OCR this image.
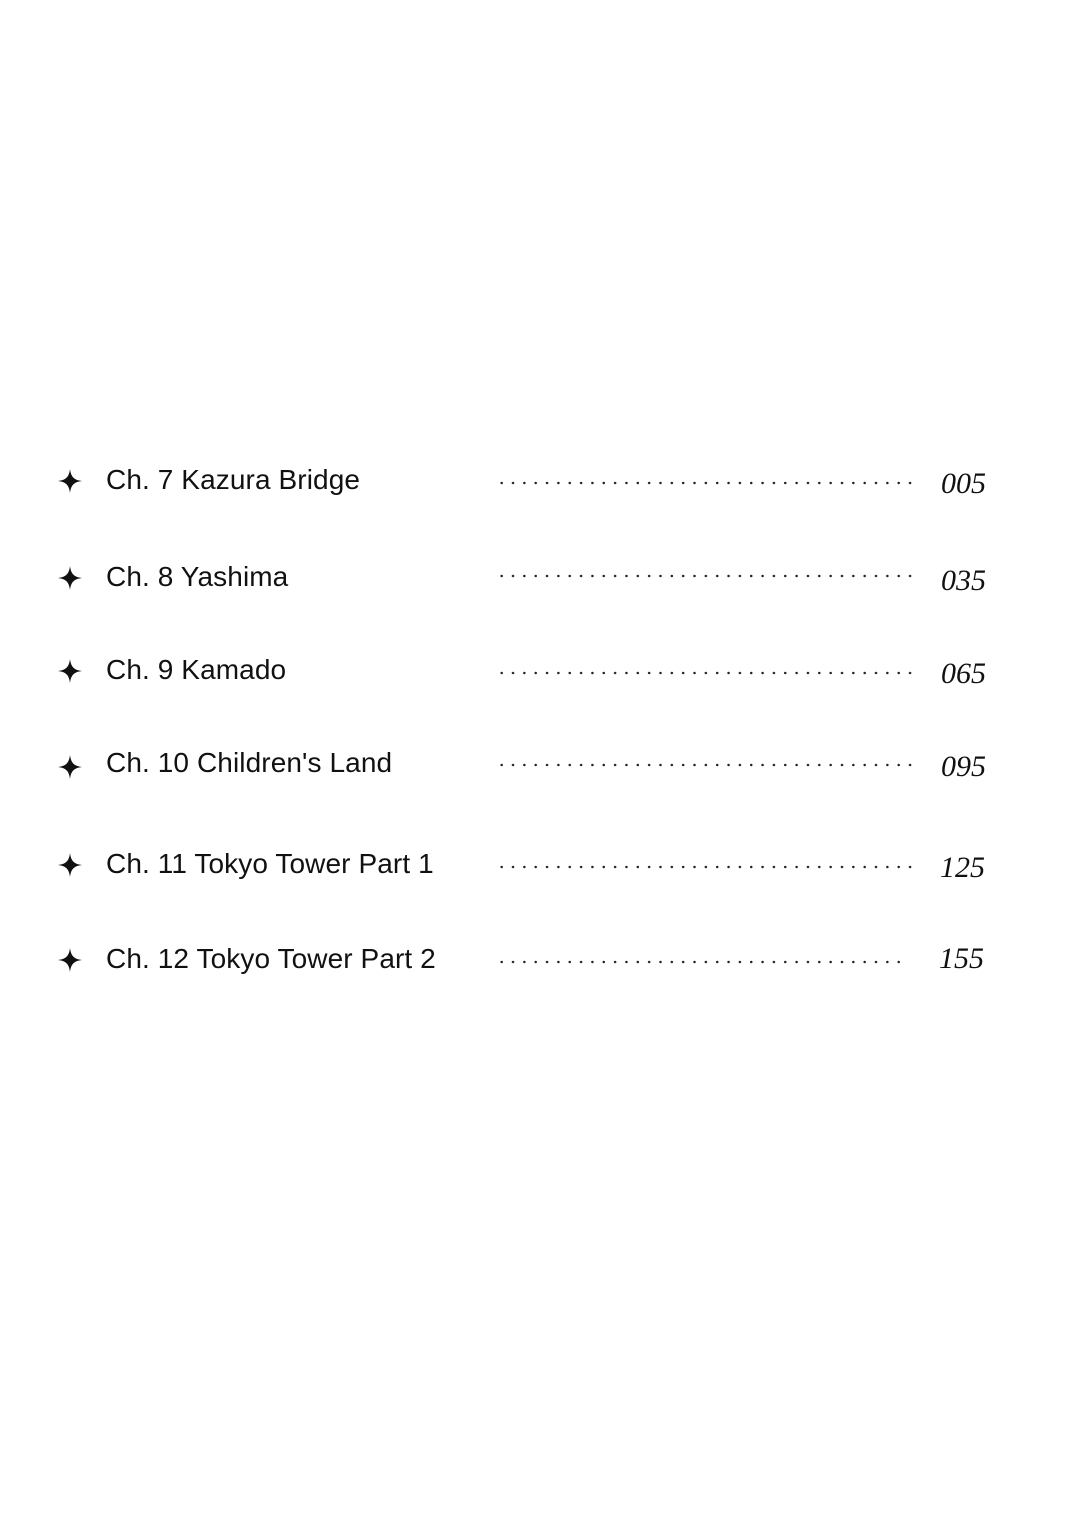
Ch. 7 Kazura Bridge	005
Ch. 8 Yashima	035
Ch. 9 Kamado	065
Ch. 10 Children's Land	095
Ch. 11 Tokyo Tower Part 1	125
Ch. 12 Tokyo Tower Part 2	155
